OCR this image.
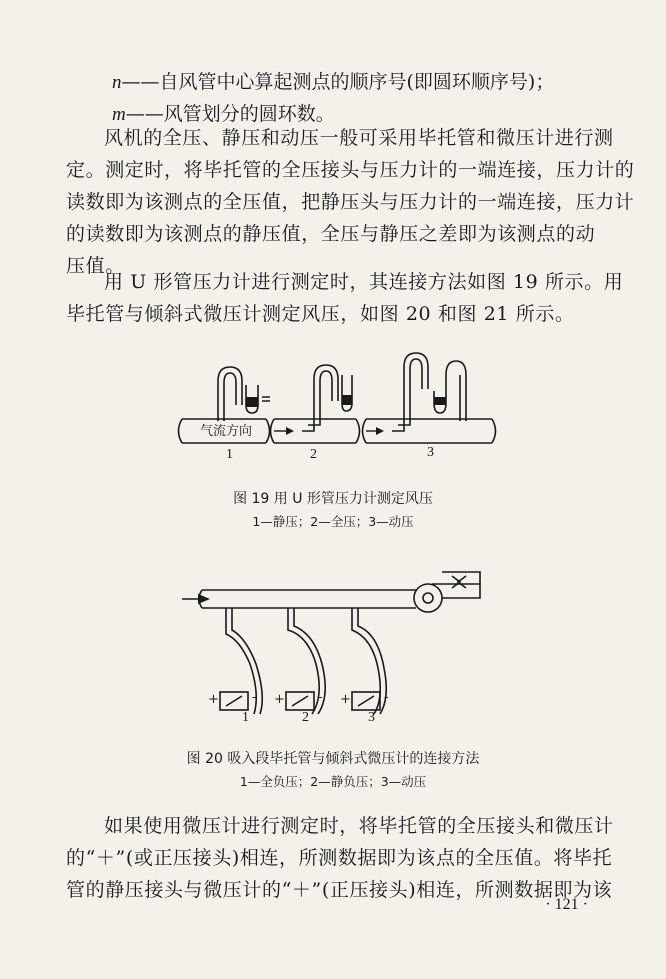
n——自风管中心算起测点的顺序号(即圆环顺序号)；
m——风管划分的圆环数。
风机的全压、静压和动压一般可采用毕托管和微压计进行测
定。测定时，将毕托管的全压接头与压力计的一端连接，压力计的
读数即为该测点的全压值，把静压头与压力计的一端连接，压力计
的读数即为该测点的静压值，全压与静压之差即为该测点的动
压值。
用 U 形管压力计进行测定时，其连接方法如图 19 所示。用
毕托管与倾斜式微压计测定风压，如图 20 和图 21 所示。
气流方向
1	2	3
图 19 用 U 形管压力计测定风压
1—静压；2—全压；3—动压
+	- +	- +	-
1	2	3
图 20 吸入段毕托管与倾斜式微压计的连接方法
1—全负压；2—静负压；3—动压
如果使用微压计进行测定时，将毕托管的全压接头和微压计
的“＋”(或正压接头)相连，所测数据即为该点的全压值。将毕托
管的静压接头与微压计的“＋”(正压接头)相连，所测数据即为该
· 121 ·
